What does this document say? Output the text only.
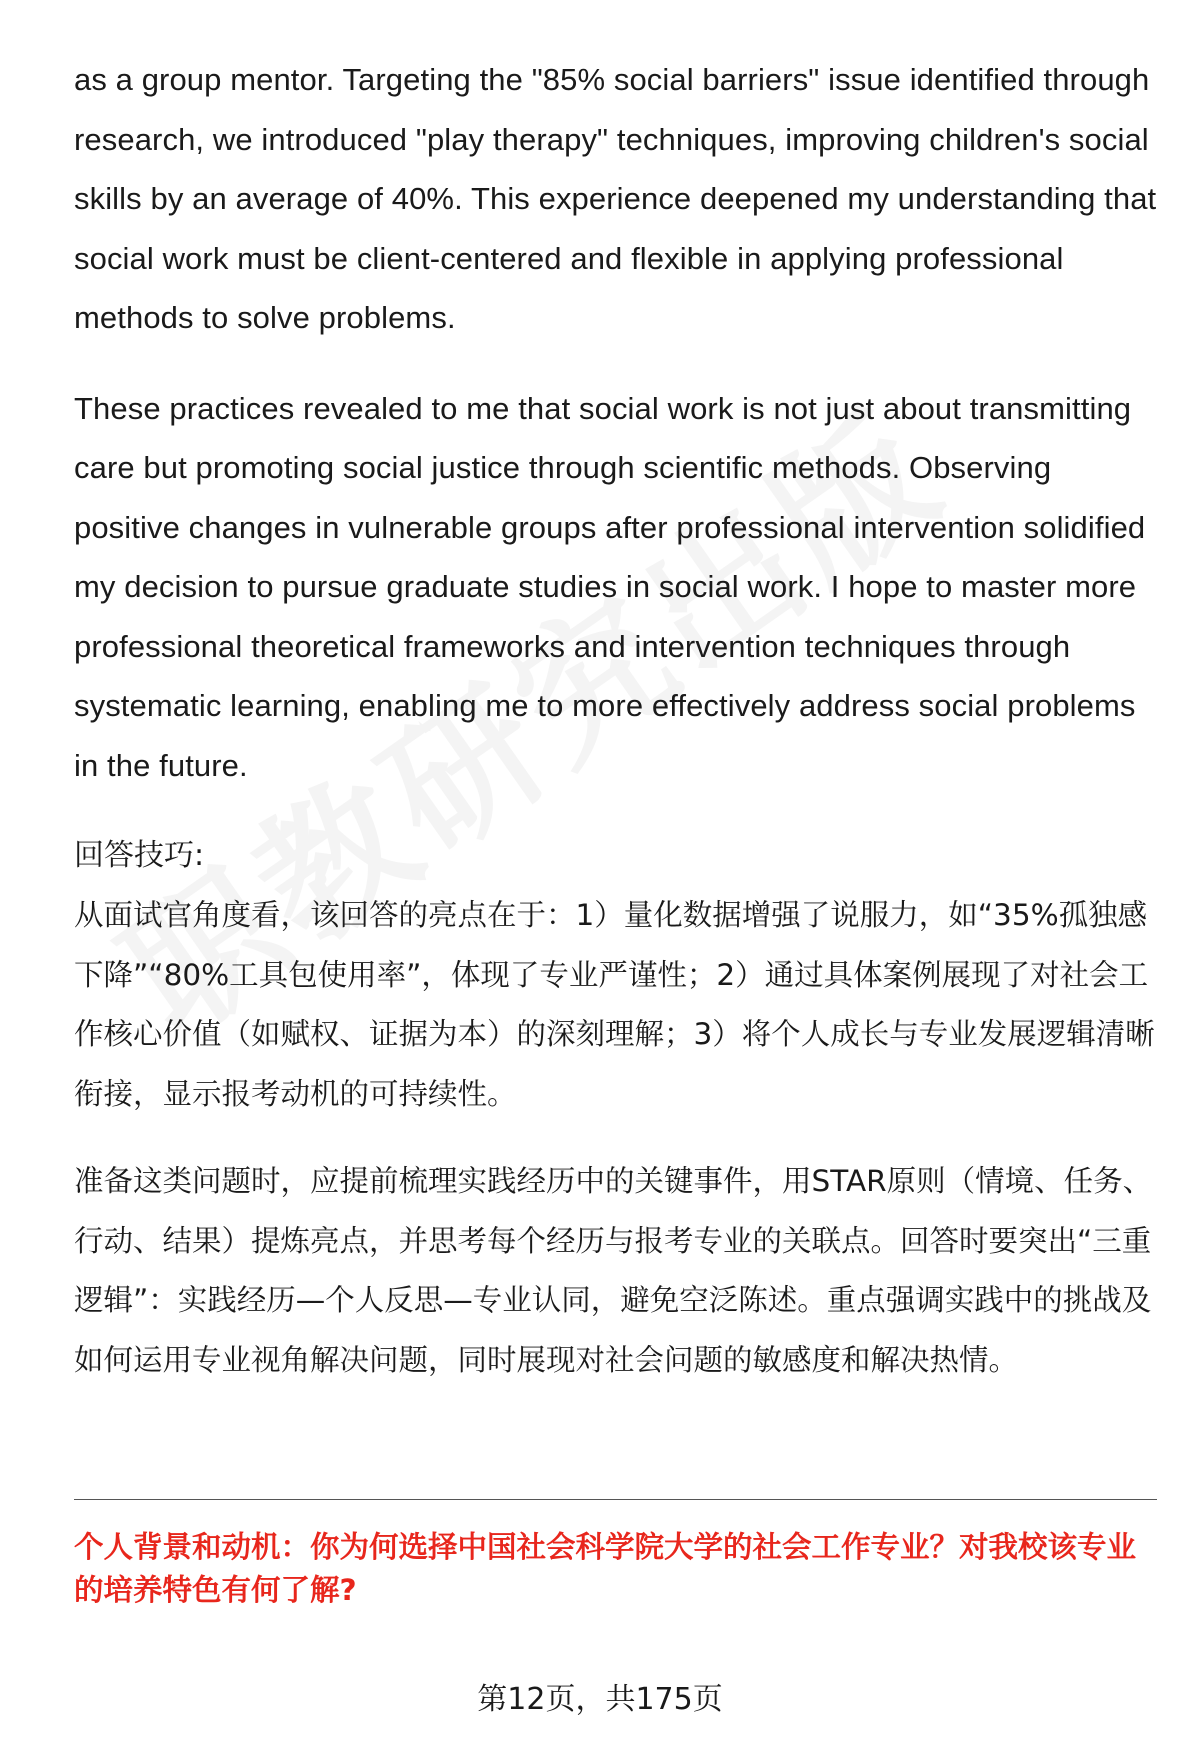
as a group mentor. Targeting the "85% social barriers" issue identified through research, we introduced "play therapy" techniques, improving children's social skills by an average of 40%. This experience deepened my understanding that social work must be client-centered and flexible in applying professional methods to solve problems.

These practices revealed to me that social work is not just about transmitting care but promoting social justice through scientific methods. Observing positive changes in vulnerable groups after professional intervention solidified my decision to pursue graduate studies in social work. I hope to master more professional theoretical frameworks and intervention techniques through systematic learning, enabling me to more effectively address social problems in the future.

回答技巧:

从面试官角度看，该回答的亮点在于：1）量化数据增强了说服力，如“35%孤独感下降”“80%工具包使用率”，体现了专业严谨性；2）通过具体案例展现了对社会工作核心价值（如赋权、证据为本）的深刻理解；3）将个人成长与专业发展逻辑清晰衔接，显示报考动机的可持续性。

准备这类问题时，应提前梳理实践经历中的关键事件，用STAR原则（情境、任务、行动、结果）提炼亮点，并思考每个经历与报考专业的关联点。回答时要突出“三重逻辑”：实践经历—个人反思—专业认同，避免空泛陈述。重点强调实践中的挑战及如何运用专业视角解决问题，同时展现对社会问题的敏感度和解决热情。

个人背景和动机：你为何选择中国社会科学院大学的社会工作专业？对我校该专业的培养特色有何了解?

第12页，共175页
